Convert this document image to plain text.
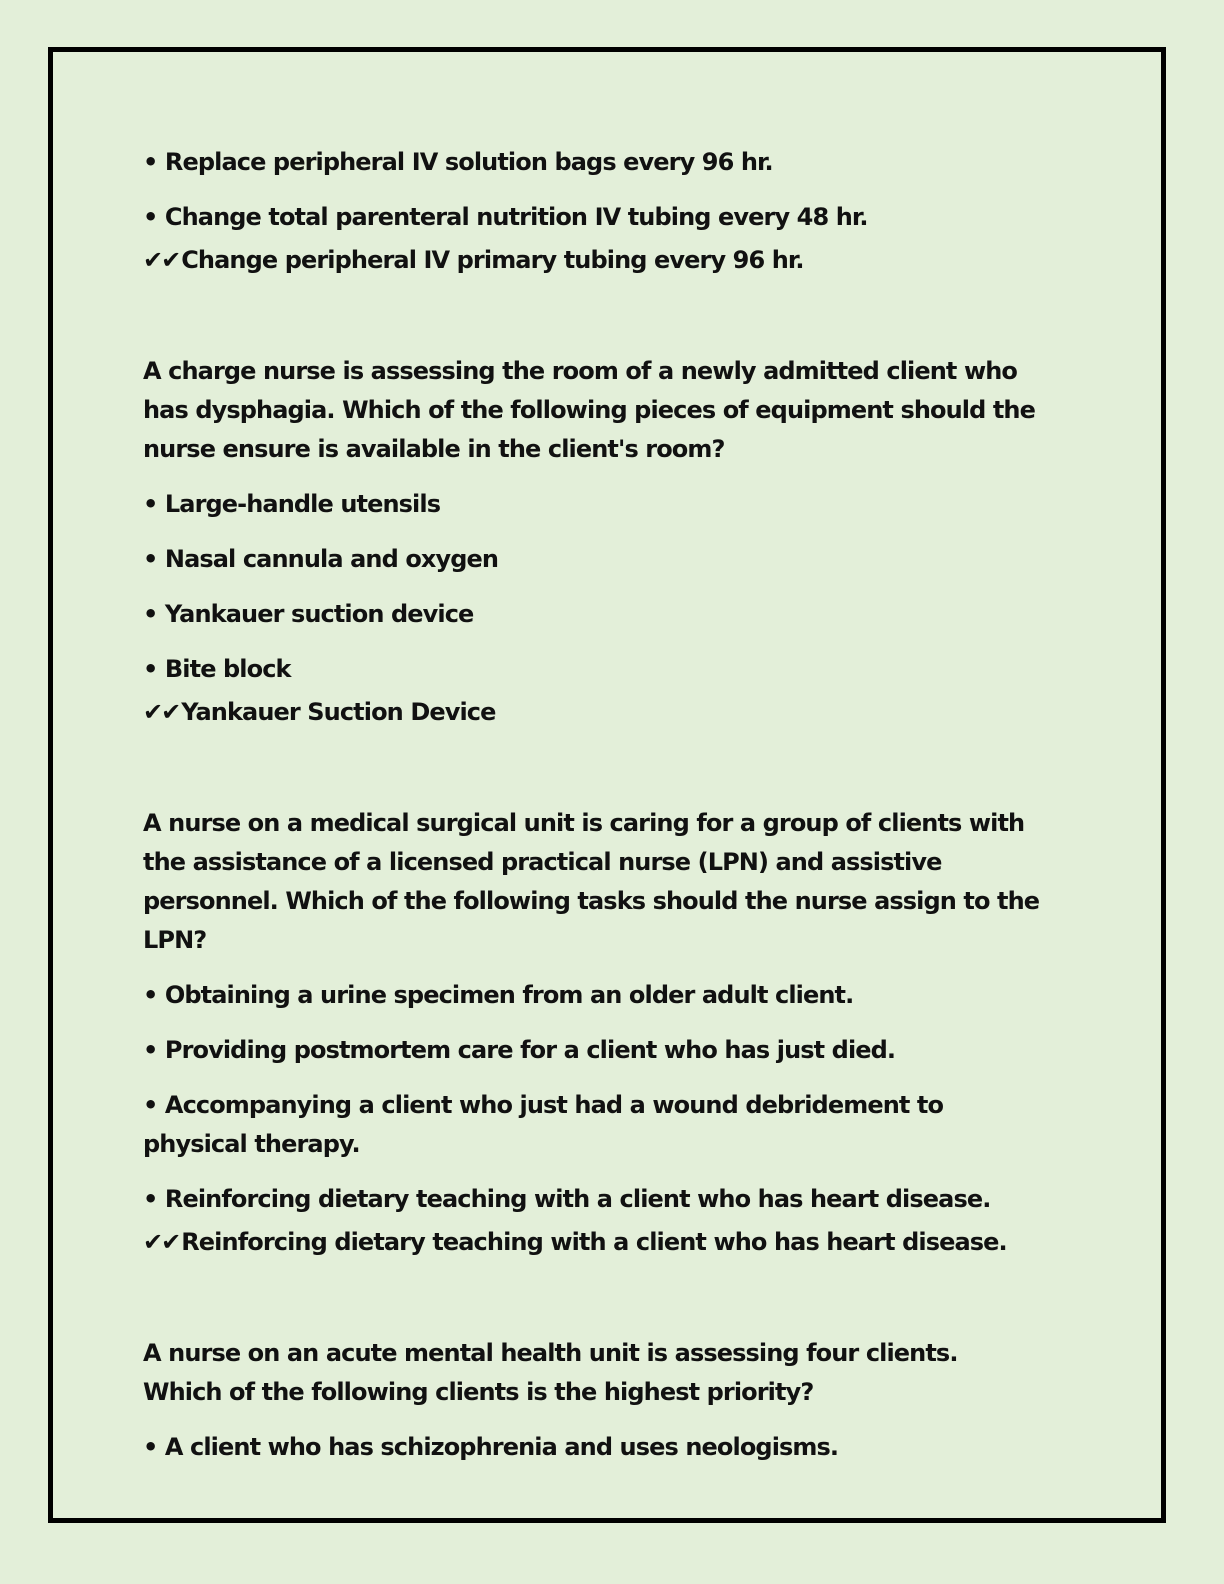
• Replace peripheral IV solution bags every 96 hr.
• Change total parenteral nutrition IV tubing every 48 hr.
✔✔Change peripheral IV primary tubing every 96 hr.
A charge nurse is assessing the room of a newly admitted client who has dysphagia. Which of the following pieces of equipment should the nurse ensure is available in the client's room?
• Large-handle utensils
• Nasal cannula and oxygen
• Yankauer suction device
• Bite block
✔✔Yankauer Suction Device
A nurse on a medical surgical unit is caring for a group of clients with the assistance of a licensed practical nurse (LPN) and assistive personnel. Which of the following tasks should the nurse assign to the LPN?
• Obtaining a urine specimen from an older adult client.
• Providing postmortem care for a client who has just died.
• Accompanying a client who just had a wound debridement to physical therapy.
• Reinforcing dietary teaching with a client who has heart disease.
✔✔Reinforcing dietary teaching with a client who has heart disease.
A nurse on an acute mental health unit is assessing four clients. Which of the following clients is the highest priority?
• A client who has schizophrenia and uses neologisms.
